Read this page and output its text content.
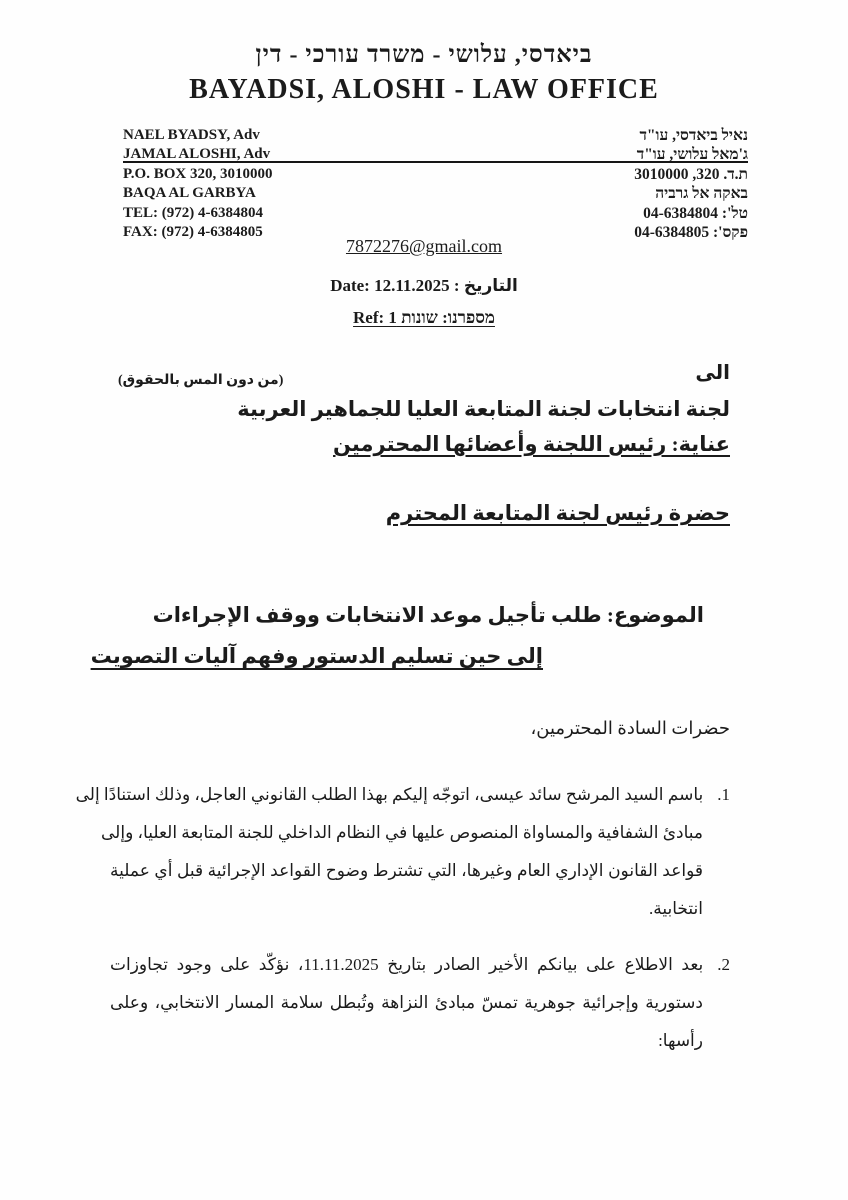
ביאדסי, עלושי - משרד עורכי - דין
BAYADSI, ALOSHI - LAW OFFICE
NAEL BYADSY, Adv
JAMAL ALOSHI, Adv
P.O. BOX 320, 3010000
BAQA AL GARBYA
TEL: (972) 4-6384804
FAX: (972) 4-6384805
נאיל ביאדסי, עו"ד
ג'מאל עלושי, עו"ד
ת.ד. 320, 3010000
באקה אל גרביה
טל': 04-6384804
פקס': 04-6384805
7872276@gmail.com
التاريخ : Date: 12.11.2025
מספרנו: שונות Ref: 1
الى
(من دون المس بالحقوق)
لجنة انتخابات لجنة المتابعة العليا للجماهير العربية
عناية: رئيس اللجنة وأعضائها المحترمين
حضرة رئيس لجنة المتابعة المحترم
الموضوع: طلب تأجيل موعد الانتخابات ووقف الإجراءات
إلى حين تسليم الدستور وفهم آليات التصويت
حضرات السادة المحترمين،
1.باسم السيد المرشح سائد عيسى، اتوجّه إليكم بهذا الطلب القانوني العاجل، وذلك استنادًا إلى
مبادئ الشفافية والمساواة المنصوص عليها في النظام الداخلي للجنة المتابعة العليا، وإلى
قواعد القانون الإداري العام وغيرها، التي تشترط وضوح القواعد الإجرائية قبل أي عملية
انتخابية.
2.بعد الاطلاع على بيانكم الأخير الصادر بتاريخ 11.11.2025، نؤكّد على وجود تجاوزات
دستورية وإجرائية جوهرية تمسّ مبادئ النزاهة وتُبطل سلامة المسار الانتخابي، وعلى
رأسها:
